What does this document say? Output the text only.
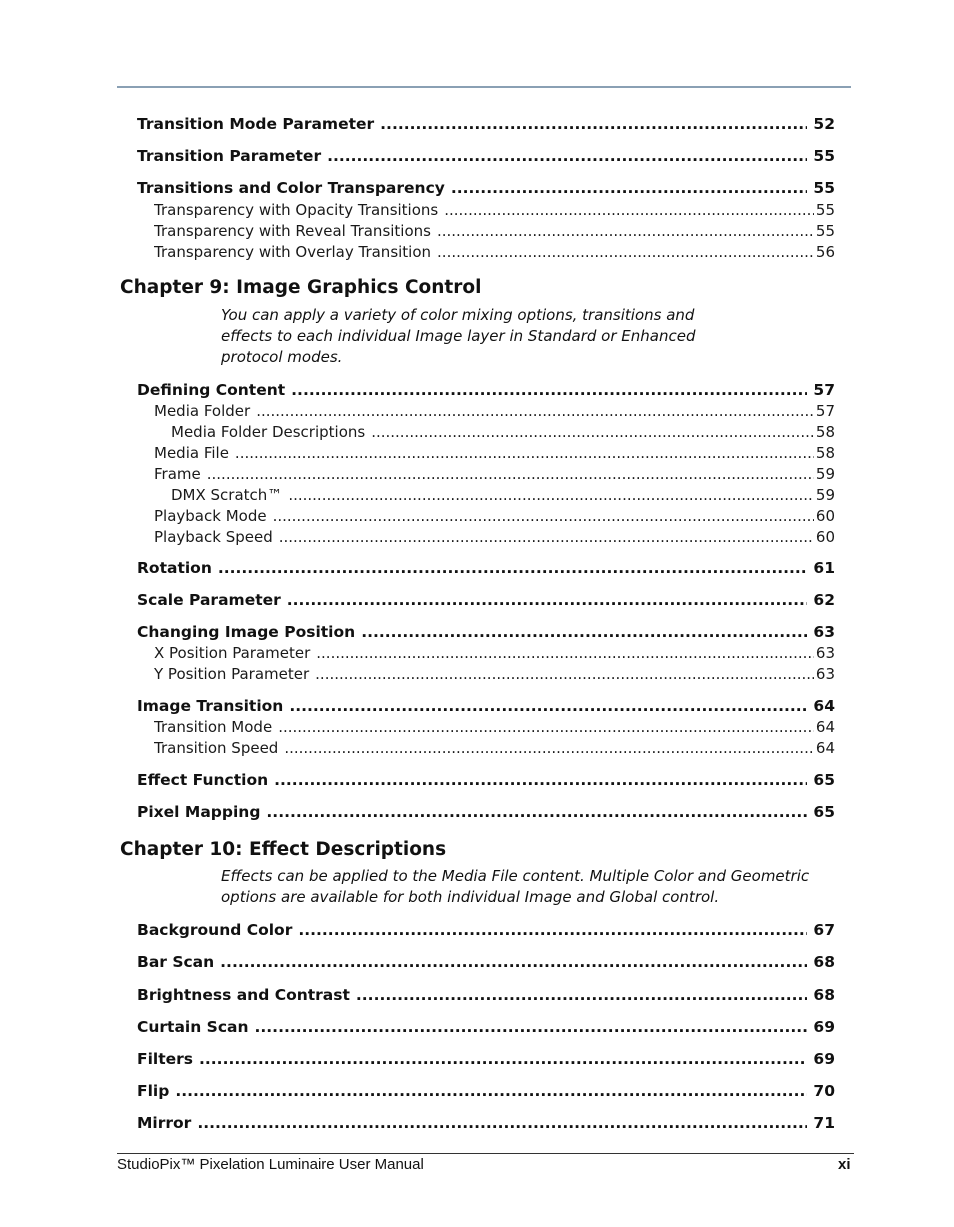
Chapter 9: Image Graphics Control
You can apply a variety of color mixing options, transitions and
effects to each individual Image layer in Standard or Enhanced
protocol modes.
Chapter 10: Effect Descriptions
Effects can be applied to the Media File content. Multiple Color and Geometric
options are available for both individual Image and Global control.
Transition Mode Parameter .....	52
Transition Parameter .....	55
Transitions and Color Transparency .....	55
Transparency with Opacity Transitions .....	55
Transparency with Reveal Transitions .....	55
Transparency with Overlay Transition .....	56
Defining Content .....	57
Media Folder .....	57
Media Folder Descriptions .....	58
Media File .....	58
Frame .....	59
DMX Scratch™ .....	59
Playback Mode .....	60
Playback Speed .....	60
Rotation .....	61
Scale Parameter .....	62
Changing Image Position .....	63
X Position Parameter .....	63
Y Position Parameter .....	63
Image Transition .....	64
Transition Mode .....	64
Transition Speed .....	64
Effect Function .....	65
Pixel Mapping .....	65
Background Color .....	67
Bar Scan .....	68
Brightness and Contrast .....	68
Curtain Scan .....	69
Filters .....	69
Flip .....	70
Mirror .....	71
StudioPix™ Pixelation Luminaire User Manual	xi
